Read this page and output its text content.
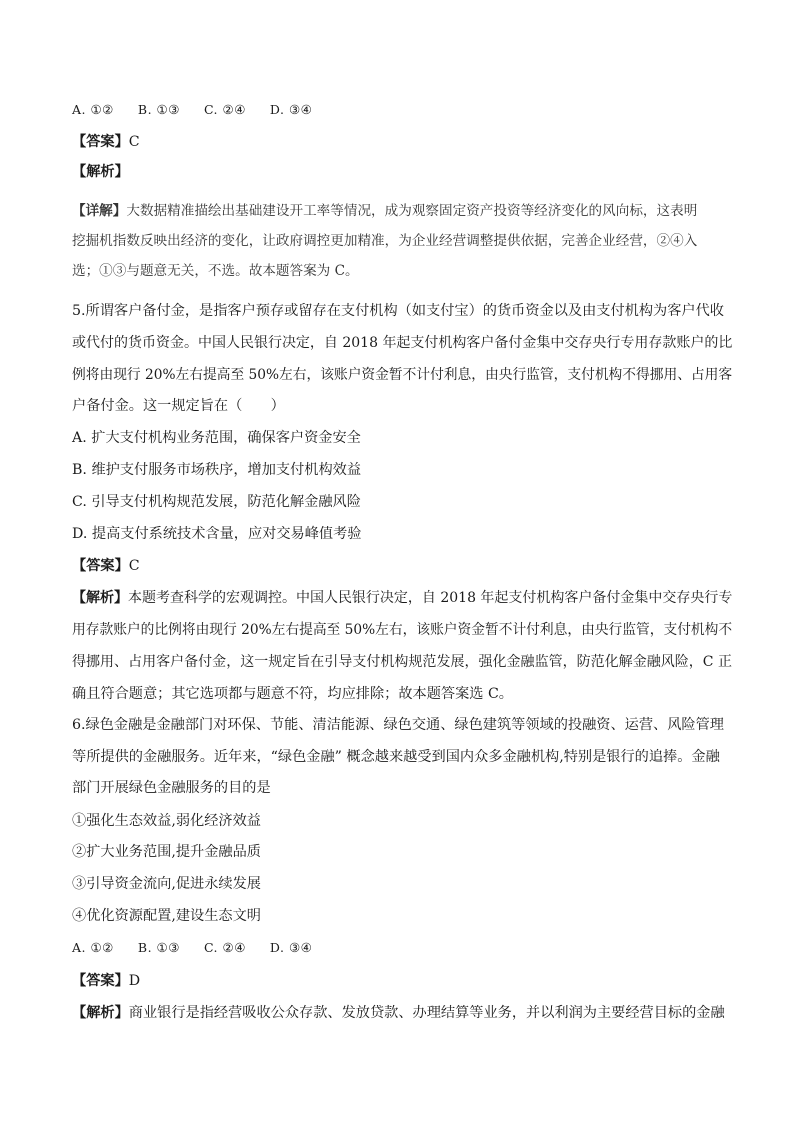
A. ①② B. ①③ C. ②④ D. ③④
【答案】C
【解析】
【详解】大数据精准描绘出基础建设开工率等情况，成为观察固定资产投资等经济变化的风向标，这表明
挖掘机指数反映出经济的变化，让政府调控更加精准，为企业经营调整提供依据，完善企业经营，②④入
选；①③与题意无关，不选。故本题答案为 C。
5.所谓客户备付金，是指客户预存或留存在支付机构（如支付宝）的货币资金以及由支付机构为客户代收
或代付的货币资金。中国人民银行决定，自 2018 年起支付机构客户备付金集中交存央行专用存款账户的比
例将由现行 20%左右提高至 50%左右，该账户资金暂不计付利息，由央行监管，支付机构不得挪用、占用客
户备付金。这一规定旨在（　　）
A. 扩大支付机构业务范围，确保客户资金安全
B. 维护支付服务市场秩序，增加支付机构效益
C. 引导支付机构规范发展，防范化解金融风险
D. 提高支付系统技术含量，应对交易峰值考验
【答案】C
【解析】本题考查科学的宏观调控。中国人民银行决定，自 2018 年起支付机构客户备付金集中交存央行专
用存款账户的比例将由现行 20%左右提高至 50%左右，该账户资金暂不计付利息，由央行监管，支付机构不
得挪用、占用客户备付金，这一规定旨在引导支付机构规范发展，强化金融监管，防范化解金融风险，C 正
确且符合题意；其它选项都与题意不符，均应排除；故本题答案选 C。
6.绿色金融是金融部门对环保、节能、清洁能源、绿色交通、绿色建筑等领域的投融资、运营、风险管理
等所提供的金融服务。近年来，“绿色金融” 概念越来越受到国内众多金融机构,特别是银行的追捧。金融
部门开展绿色金融服务的目的是
①强化生态效益,弱化经济效益
②扩大业务范围,提升金融品质
③引导资金流向,促进永续发展
④优化资源配置,建设生态文明
A. ①② B. ①③ C. ②④ D. ③④
【答案】D
【解析】商业银行是指经营吸收公众存款、发放贷款、办理结算等业务，并以利润为主要经营目标的金融
